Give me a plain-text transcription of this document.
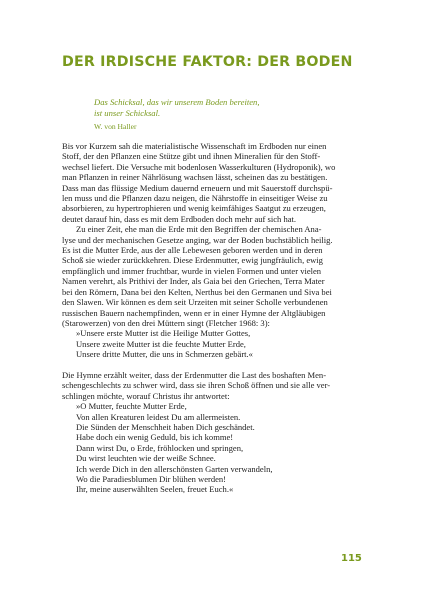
DER IRDISCHE FAKTOR: DER BODEN
Das Schicksal, das wir unserem Boden bereiten,
ist unser Schicksal.
W. von Haller
Bis vor Kurzem sah die materialistische Wissenschaft im Erdboden nur einen
Stoff, der den Pflanzen eine Stütze gibt und ihnen Mineralien für den Stoff-
wechsel liefert. Die Versuche mit bodenlosen Wasserkulturen (Hydroponik), wo
man Pflanzen in reiner Nährlösung wachsen lässt, scheinen das zu bestätigen.
Dass man das flüssige Medium dauernd erneuern und mit Sauerstoff durchspü-
len muss und die Pflanzen dazu neigen, die Nährstoffe in einseitiger Weise zu
absorbieren, zu hypertrophieren und wenig keimfähiges Saatgut zu erzeugen,
deutet darauf hin, dass es mit dem Erdboden doch mehr auf sich hat.
Zu einer Zeit, ehe man die Erde mit den Begriffen der chemischen Ana-
lyse und der mechanischen Gesetze anging, war der Boden buchstäblich heilig.
Es ist die Mutter Erde, aus der alle Lebewesen geboren werden und in deren
Schoß sie wieder zurückkehren. Diese Erdenmutter, ewig jungfräulich, ewig
empfänglich und immer fruchtbar, wurde in vielen Formen und unter vielen
Namen verehrt, als Prithivi der Inder, als Gaia bei den Griechen, Terra Mater
bei den Römern, Dana bei den Kelten, Nerthus bei den Germanen und Siva bei
den Slawen. Wir können es dem seit Urzeiten mit seiner Scholle verbundenen
russischen Bauern nachempfinden, wenn er in einer Hymne der Altgläubigen
(Starowerzen) von den drei Müttern singt (Fletcher 1968: 3):
»Unsere erste Mutter ist die Heilige Mutter Gottes,
Unsere zweite Mutter ist die feuchte Mutter Erde,
Unsere dritte Mutter, die uns in Schmerzen gebärt.«
Die Hymne erzählt weiter, dass der Erdenmutter die Last des boshaften Men-
schengeschlechts zu schwer wird, dass sie ihren Schoß öffnen und sie alle ver-
schlingen möchte, worauf Christus ihr antwortet:
»O Mutter, feuchte Mutter Erde,
Von allen Kreaturen leidest Du am allermeisten.
Die Sünden der Menschheit haben Dich geschändet.
Habe doch ein wenig Geduld, bis ich komme!
Dann wirst Du, o Erde, fröhlocken und springen,
Du wirst leuchten wie der weiße Schnee.
Ich werde Dich in den allerschönsten Garten verwandeln,
Wo die Paradiesblumen Dir blühen werden!
Ihr, meine auserwählten Seelen, freuet Euch.«
115
